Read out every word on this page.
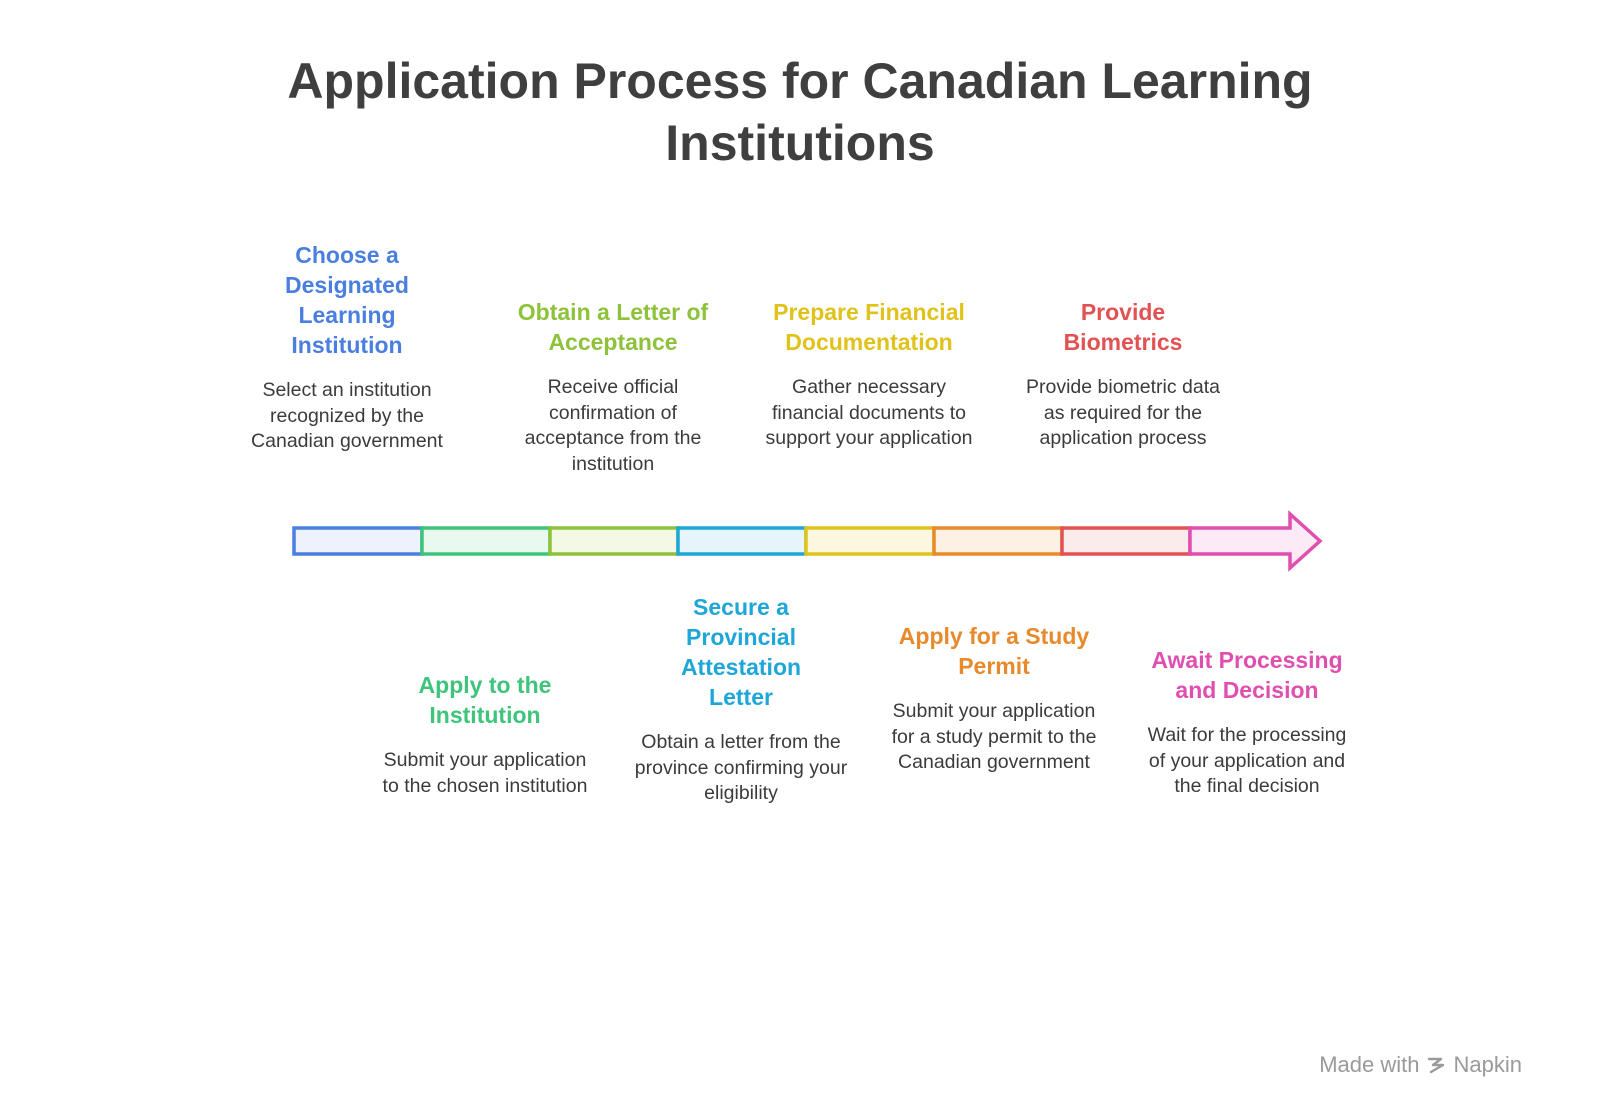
Application Process for Canadian Learning Institutions
Choose a Designated Learning Institution
Select an institution recognized by the Canadian government
Obtain a Letter of Acceptance
Receive official confirmation of acceptance from the institution
Prepare Financial Documentation
Gather necessary financial documents to support your application
Provide Biometrics
Provide biometric data as required for the application process
Apply to the Institution
Submit your application to the chosen institution
Secure a Provincial Attestation Letter
Obtain a letter from the province confirming your eligibility
Apply for a Study Permit
Submit your application for a study permit to the Canadian government
Await Processing and Decision
Wait for the processing of your application and the final decision
Made with Napkin
